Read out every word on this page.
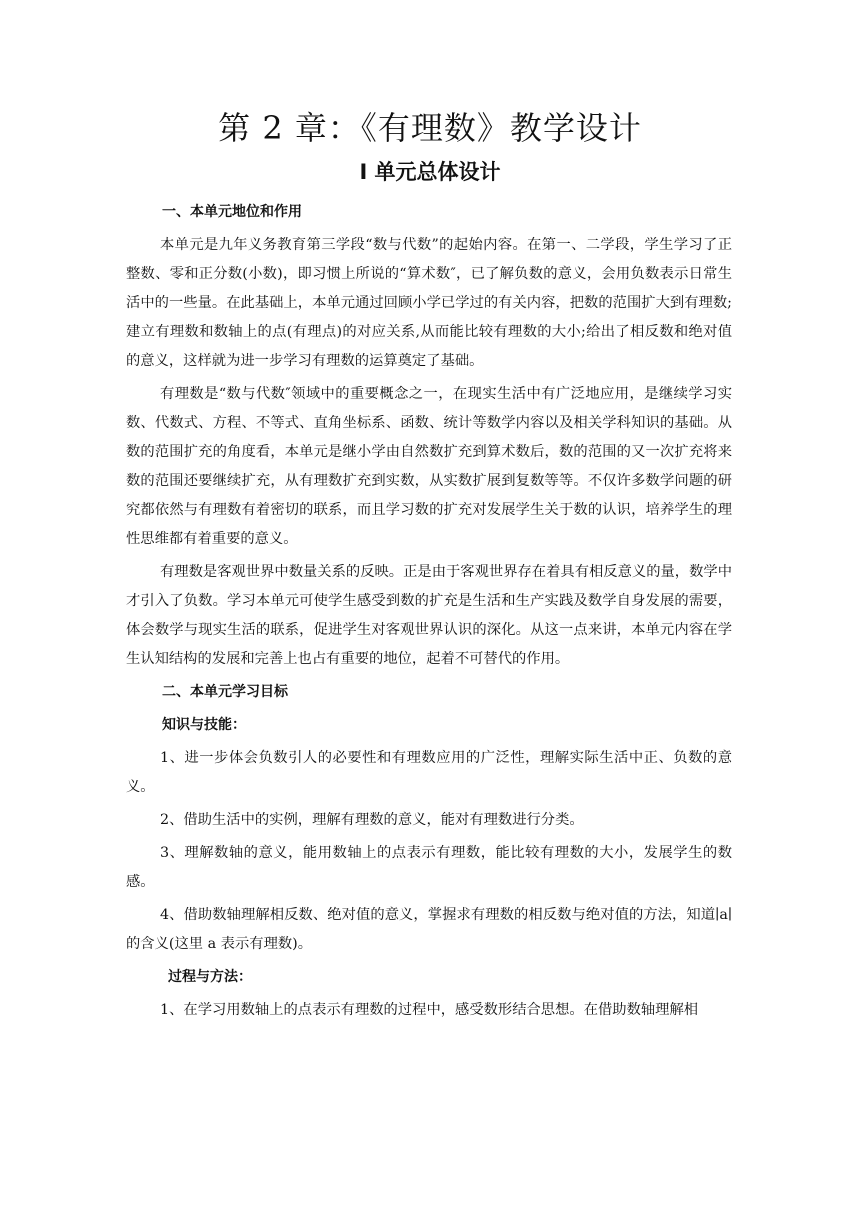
第 2 章：《有理数》教学设计
Ⅰ 单元总体设计
一、本单元地位和作用

本单元是九年义务教育第三学段“数与代数”的起始内容。在第一、二学段，学生学习了正整数、零和正分数(小数)，即习惯上所说的“算术数″，已了解负数的意义，会用负数表示日常生活中的一些量。在此基础上，本单元通过回顾小学已学过的有关内容，把数的范围扩大到有理数;建立有理数和数轴上的点(有理点)的对应关系,从而能比较有理数的大小;给出了相反数和绝对值的意义，这样就为进一步学习有理数的运算奠定了基础。

有理数是“数与代数″领域中的重要概念之一，在现实生活中有广泛地应用，是继续学习实数、代数式、方程、不等式、直角坐标系、函数、统计等数学内容以及相关学科知识的基础。从数的范围扩充的角度看，本单元是继小学由自然数扩充到算术数后，数的范围的又一次扩充将来数的范围还要继续扩充，从有理数扩充到实数，从实数扩展到复数等等。不仅许多数学问题的研究都依然与有理数有着密切的联系，而且学习数的扩充对发展学生关于数的认识，培养学生的理性思维都有着重要的意义。

有理数是客观世界中数量关系的反映。正是由于客观世界存在着具有相反意义的量，数学中才引入了负数。学习本单元可使学生感受到数的扩充是生活和生产实践及数学自身发展的需要，体会数学与现实生活的联系，促进学生对客观世界认识的深化。从这一点来讲，本单元内容在学生认知结构的发展和完善上也占有重要的地位，起着不可替代的作用。

二、本单元学习目标
知识与技能：

1、进一步体会负数引人的必要性和有理数应用的广泛性，理解实际生活中正、负数的意义。

2、借助生活中的实例，理解有理数的意义，能对有理数进行分类。

3、理解数轴的意义，能用数轴上的点表示有理数，能比较有理数的大小，发展学生的数感。

4、借助数轴理解相反数、绝对值的意义，掌握求有理数的相反数与绝对值的方法，知道∣a∣的含义(这里 a 表示有理数)。

过程与方法：

1、在学习用数轴上的点表示有理数的过程中，感受数形结合思想。在借助数轴理解相
